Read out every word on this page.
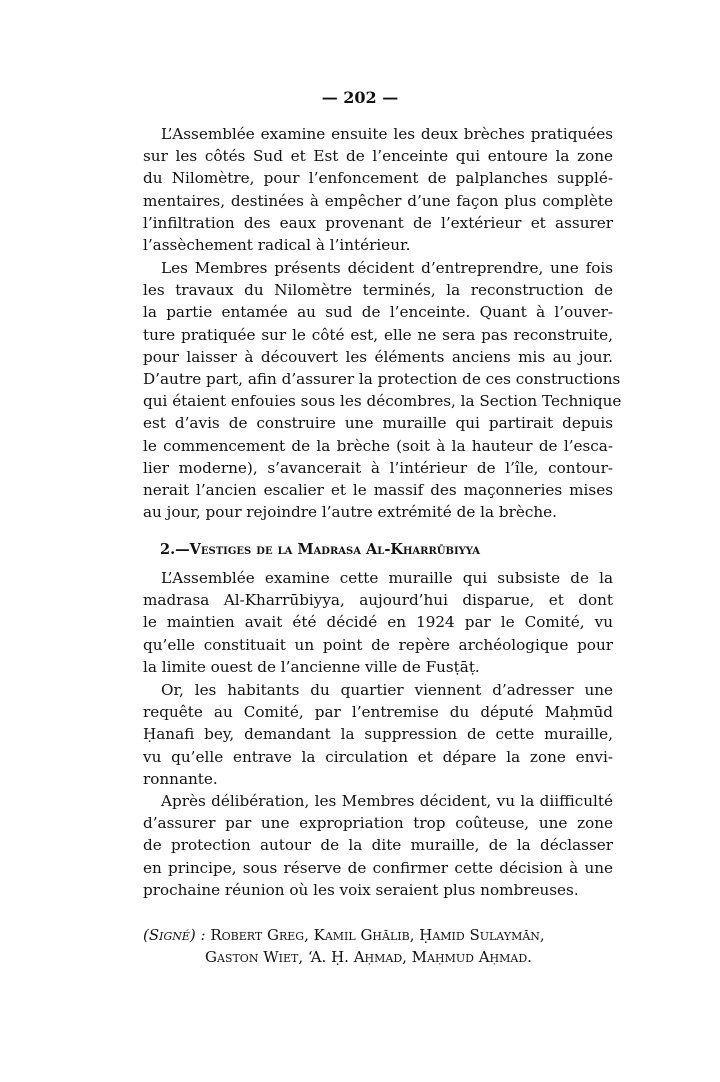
— 202 —
L’Assemblée examine ensuite les deux brèches pratiquées
sur les côtés Sud et Est de l’enceinte qui entoure la zone
du Nilomètre, pour l’enfoncement de palplanches supplé-
mentaires, destinées à empêcher d’une façon plus complète
l’infiltration des eaux provenant de l’extérieur et assurer
l’assèchement radical à l’intérieur.
Les Membres présents décident d’entreprendre, une fois
les travaux du Nilomètre terminés, la reconstruction de
la partie entamée au sud de l’enceinte. Quant à l’ouver-
ture pratiquée sur le côté est, elle ne sera pas reconstruite,
pour laisser à découvert les éléments anciens mis au jour.
D’autre part, afin d’assurer la protection de ces constructions
qui étaient enfouies sous les décombres, la Section Technique
est d’avis de construire une muraille qui partirait depuis
le commencement de la brèche (soit à la hauteur de l’esca-
lier moderne), s’avancerait à l’intérieur de l’île, contour-
nerait l’ancien escalier et le massif des maçonneries mises
au jour, pour rejoindre l’autre extrémité de la brèche.
2.—Vestiges de la Madrasa Al-Kharrūbiyya
L’Assemblée examine cette muraille qui subsiste de la
madrasa Al-Kharrūbiyya, aujourd’hui disparue, et dont
le maintien avait été décidé en 1924 par le Comité, vu
qu’elle constituait un point de repère archéologique pour
la limite ouest de l’ancienne ville de Fusṭāṭ.
Or, les habitants du quartier viennent d’adresser une
requête au Comité, par l’entremise du député Maḥmūd
Ḥanafi bey, demandant la suppression de cette muraille,
vu qu’elle entrave la circulation et dépare la zone envi-
ronnante.
Après délibération, les Membres décident, vu la diifficulté
d’assurer par une expropriation trop coûteuse, une zone
de protection autour de la dite muraille, de la déclasser
en principe, sous réserve de confirmer cette décision à une
prochaine réunion où les voix seraient plus nombreuses.
(Signé) : Robert Greg, Kamil Ghālib, Ḥamid Sulaymān,
Gaston Wiet, ‘A. Ḥ. Aḥmad, Maḥmud Aḥmad.
